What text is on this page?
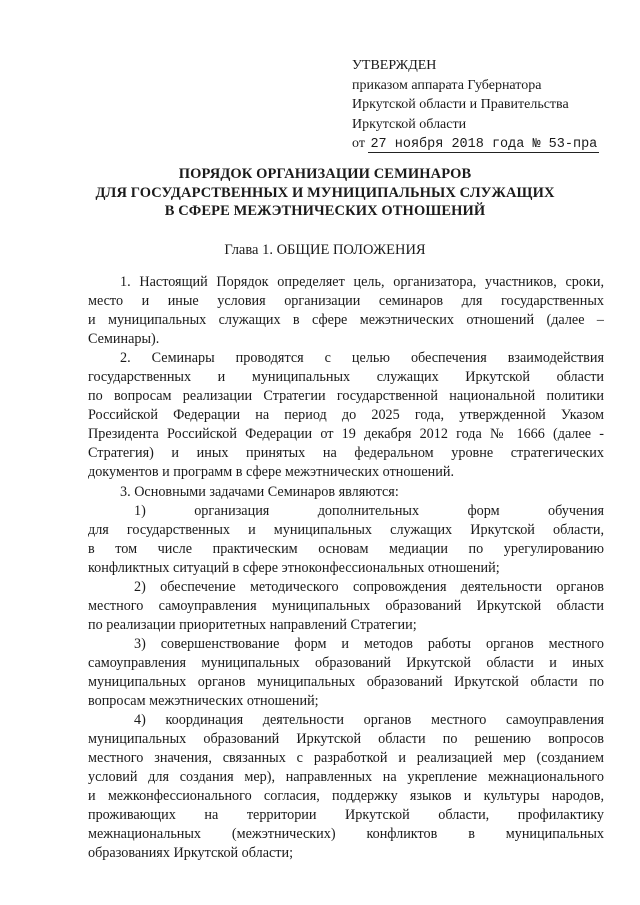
УТВЕРЖДЕН
приказом аппарата Губернатора
Иркутской области и Правительства
Иркутской области
от 27 ноября 2018 года № 53-пра
ПОРЯДОК ОРГАНИЗАЦИИ СЕМИНАРОВ
ДЛЯ ГОСУДАРСТВЕННЫХ И МУНИЦИПАЛЬНЫХ СЛУЖАЩИХ
В СФЕРЕ МЕЖЭТНИЧЕСКИХ ОТНОШЕНИЙ
Глава 1. ОБЩИЕ ПОЛОЖЕНИЯ
1. Настоящий Порядок определяет цель, организатора, участников, сроки,
место и иные условия организации семинаров для государственных
и муниципальных служащих в сфере межэтнических отношений (далее –
Семинары).
2. Семинары проводятся с целью обеспечения взаимодействия
государственных и муниципальных служащих Иркутской области
по вопросам реализации Стратегии государственной национальной политики
Российской Федерации на период до 2025 года, утвержденной Указом
Президента Российской Федерации от 19 декабря 2012 года № 1666 (далее -
Стратегия) и иных принятых на федеральном уровне стратегических
документов и программ в сфере межэтнических отношений.
3. Основными задачами Семинаров являются:
1) организация дополнительных форм обучения
для государственных и муниципальных служащих Иркутской области,
в том числе практическим основам медиации по урегулированию
конфликтных ситуаций в сфере этноконфессиональных отношений;
2) обеспечение методического сопровождения деятельности органов
местного самоуправления муниципальных образований Иркутской области
по реализации приоритетных направлений Стратегии;
3) совершенствование форм и методов работы органов местного
самоуправления муниципальных образований Иркутской области и иных
муниципальных органов муниципальных образований Иркутской области по
вопросам межэтнических отношений;
4) координация деятельности органов местного самоуправления
муниципальных образований Иркутской области по решению вопросов
местного значения, связанных с разработкой и реализацией мер (созданием
условий для создания мер), направленных на укрепление межнационального
и межконфессионального согласия, поддержку языков и культуры народов,
проживающих на территории Иркутской области, профилактику
межнациональных (межэтнических) конфликтов в муниципальных
образованиях Иркутской области;
